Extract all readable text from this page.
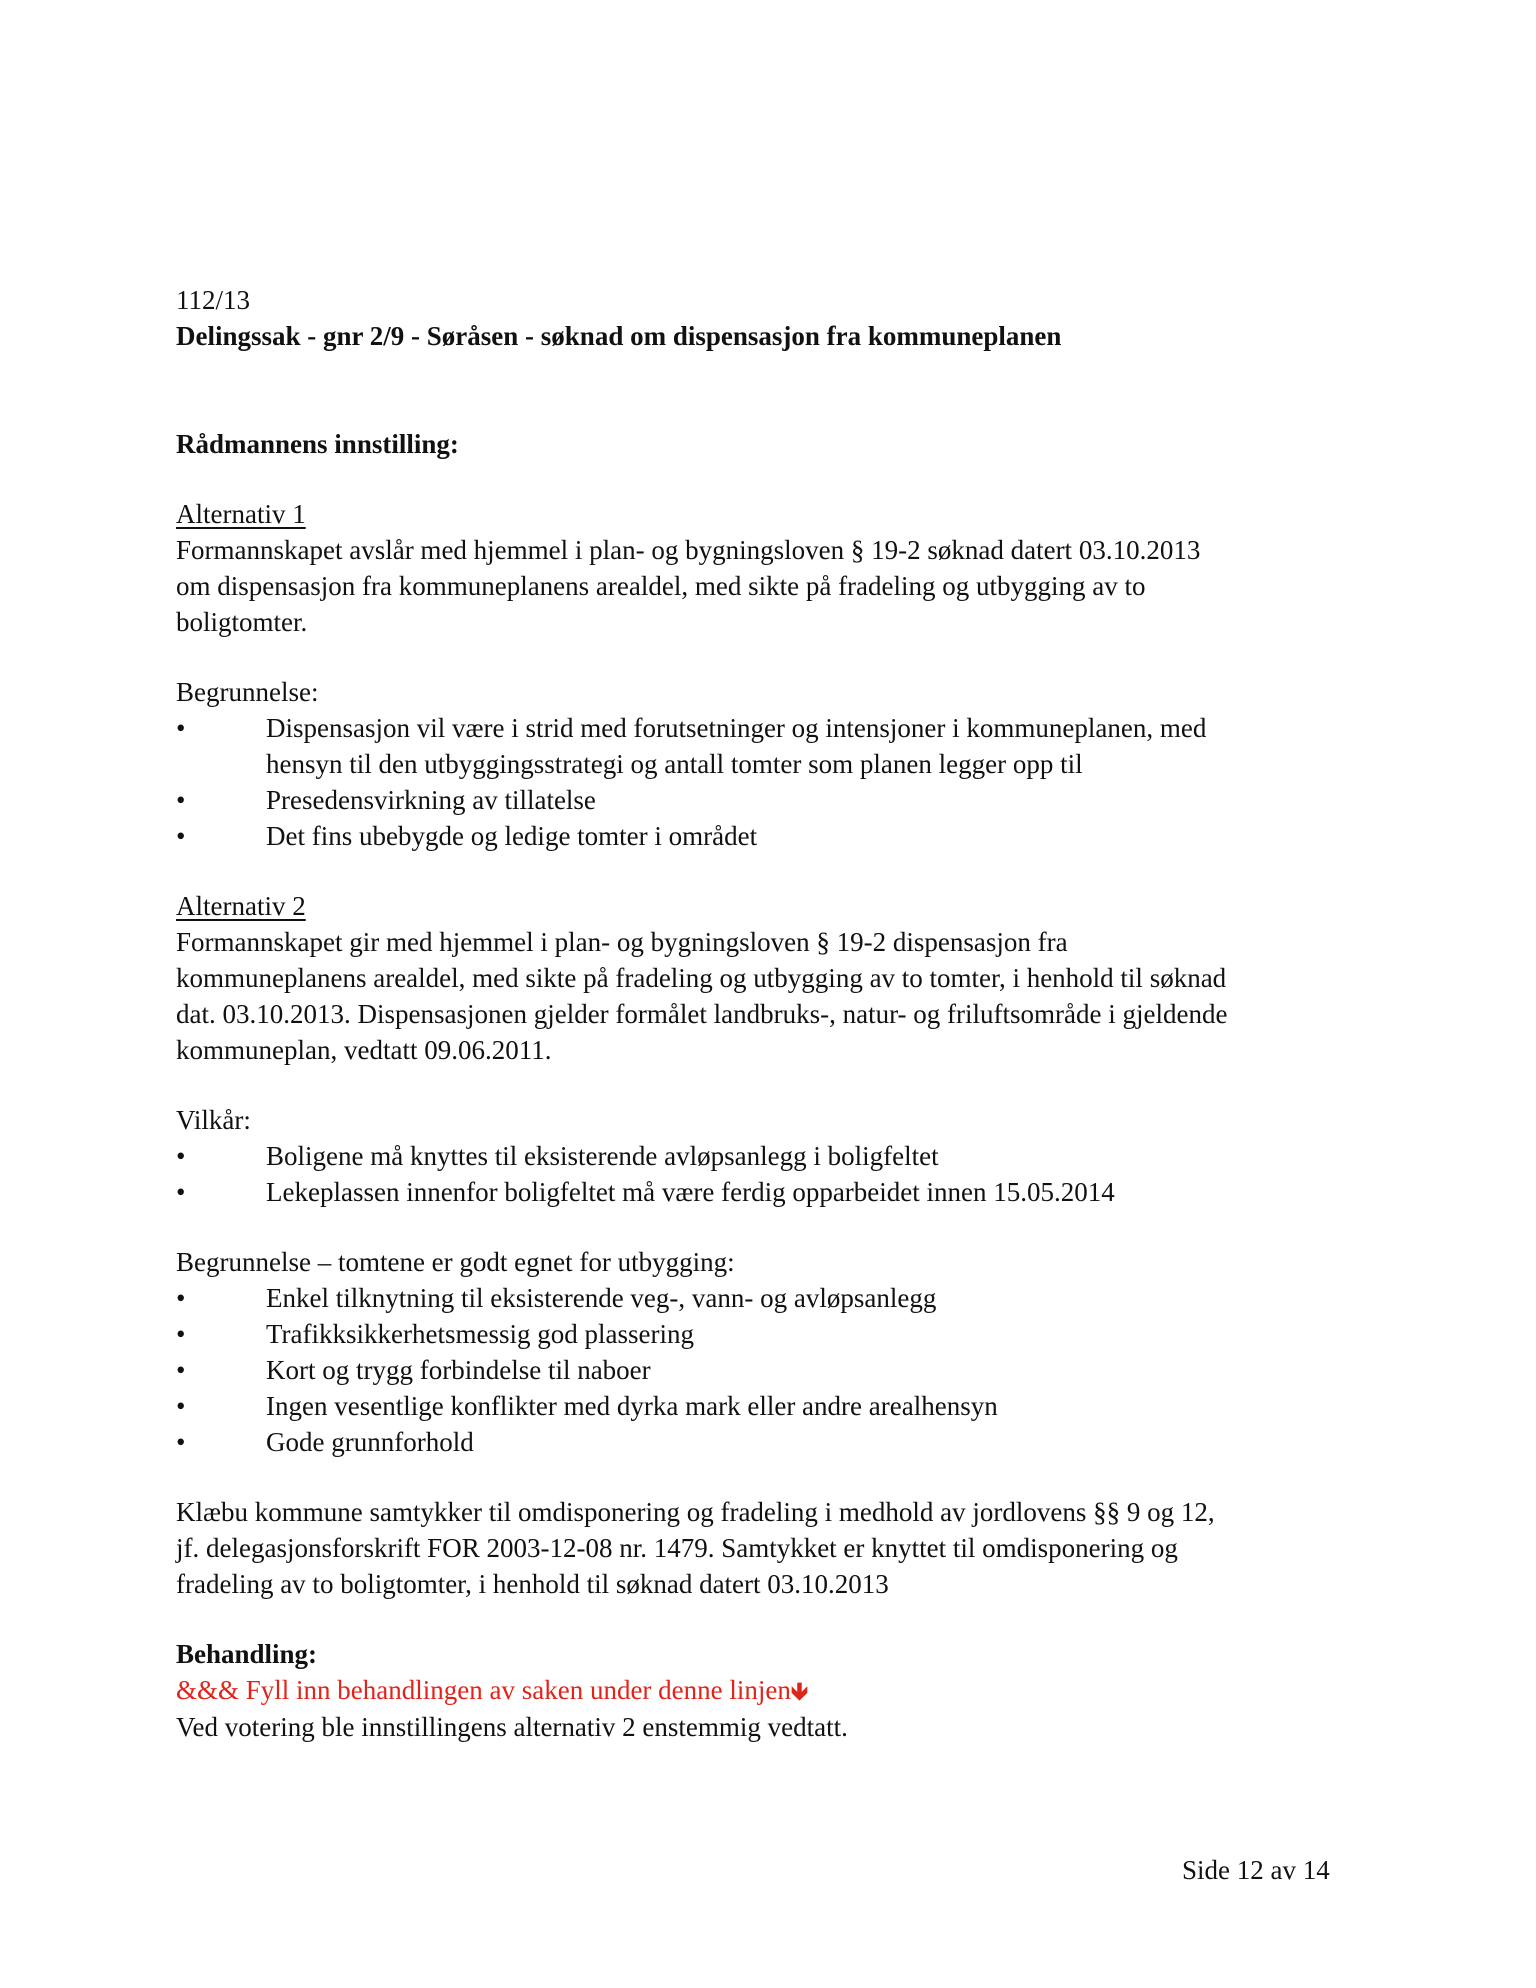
112/13

Delingssak - gnr 2/9 - Søråsen - søknad om dispensasjon fra kommuneplanen

Rådmannens innstilling:

Alternativ 1

Formannskapet avslår med hjemmel i plan- og bygningsloven § 19-2 søknad datert 03.10.2013

om dispensasjon fra kommuneplanens arealdel, med sikte på fradeling og utbygging av to

boligtomter.

Begrunnelse:

• Dispensasjon vil være i strid med forutsetninger og intensjoner i kommuneplanen, med
hensyn til den utbyggingsstrategi og antall tomter som planen legger opp til
• Presedensvirkning av tillatelse
• Det fins ubebygde og ledige tomter i området

Alternativ 2

Formannskapet gir med hjemmel i plan- og bygningsloven § 19-2 dispensasjon fra

kommuneplanens arealdel, med sikte på fradeling og utbygging av to tomter, i henhold til søknad

dat. 03.10.2013. Dispensasjonen gjelder formålet landbruks-, natur- og friluftsområde i gjeldende

kommuneplan, vedtatt 09.06.2011.

Vilkår:

• Boligene må knyttes til eksisterende avløpsanlegg i boligfeltet
• Lekeplassen innenfor boligfeltet må være ferdig opparbeidet innen 15.05.2014

Begrunnelse – tomtene er godt egnet for utbygging:

• Enkel tilknytning til eksisterende veg-, vann- og avløpsanlegg
• Trafikksikkerhetsmessig god plassering
• Kort og trygg forbindelse til naboer
• Ingen vesentlige konflikter med dyrka mark eller andre arealhensyn
• Gode grunnforhold

Klæbu kommune samtykker til omdisponering og fradeling i medhold av jordlovens §§ 9 og 12,

jf. delegasjonsforskrift FOR 2003-12-08 nr. 1479. Samtykket er knyttet til omdisponering og

fradeling av to boligtomter, i henhold til søknad datert 03.10.2013

Behandling:

&&& Fyll inn behandlingen av saken under denne linjen🡻

Ved votering ble innstillingens alternativ 2 enstemmig vedtatt.

Side 12 av 14
